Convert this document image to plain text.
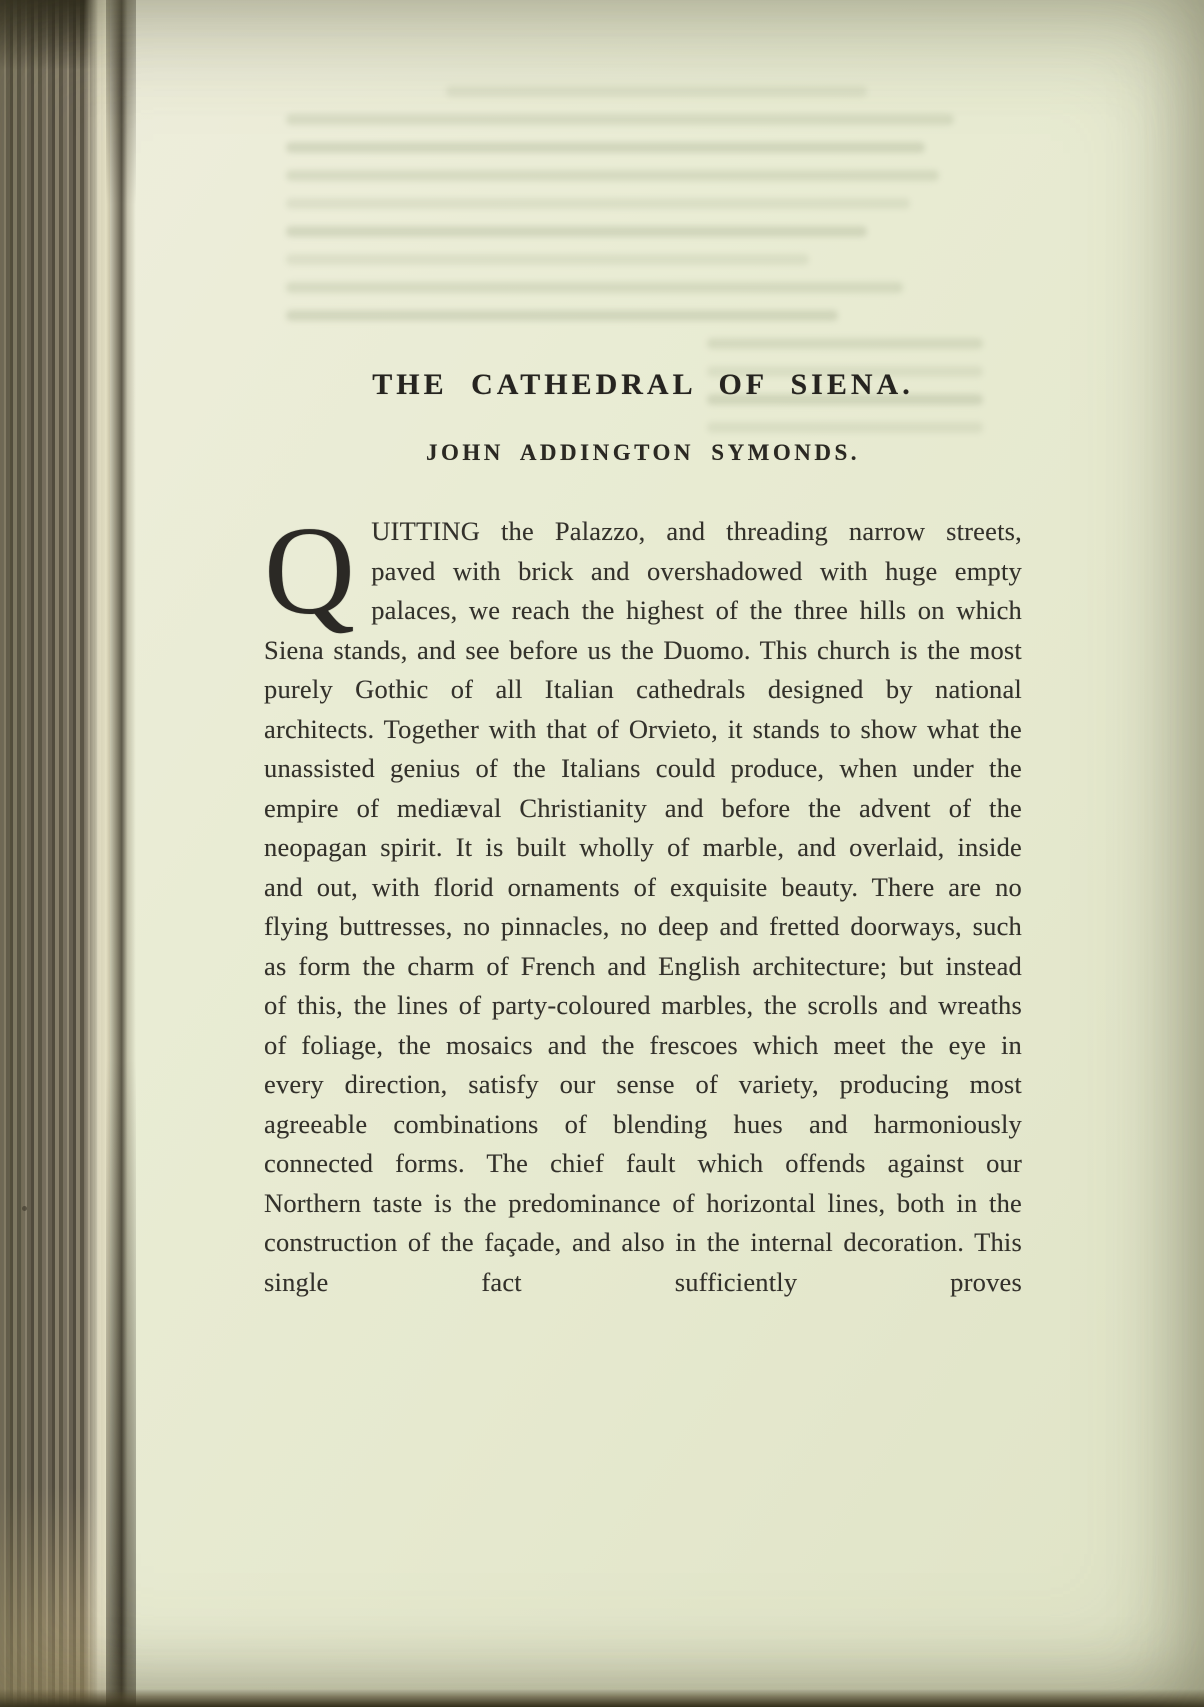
THE CATHEDRAL OF SIENA.
JOHN ADDINGTON SYMONDS.

QUITTING the Palazzo, and threading narrow streets, paved with brick and overshadowed with huge empty palaces, we reach the highest of the three hills on which Siena stands, and see before us the Duomo. This church is the most purely Gothic of all Italian cathedrals designed by national architects. Together with that of Orvieto, it stands to show what the unassisted genius of the Italians could produce, when under the empire of mediæval Christianity and before the advent of the neopagan spirit. It is built wholly of marble, and overlaid, inside and out, with florid ornaments of exquisite beauty. There are no flying buttresses, no pinnacles, no deep and fretted doorways, such as form the charm of French and English architecture; but instead of this, the lines of party-coloured marbles, the scrolls and wreaths of foliage, the mosaics and the frescoes which meet the eye in every direction, satisfy our sense of variety, producing most agreeable combinations of blending hues and harmoniously connected forms. The chief fault which offends against our Northern taste is the predominance of horizontal lines, both in the construction of the façade, and also in the internal decoration. This single fact sufficiently proves
